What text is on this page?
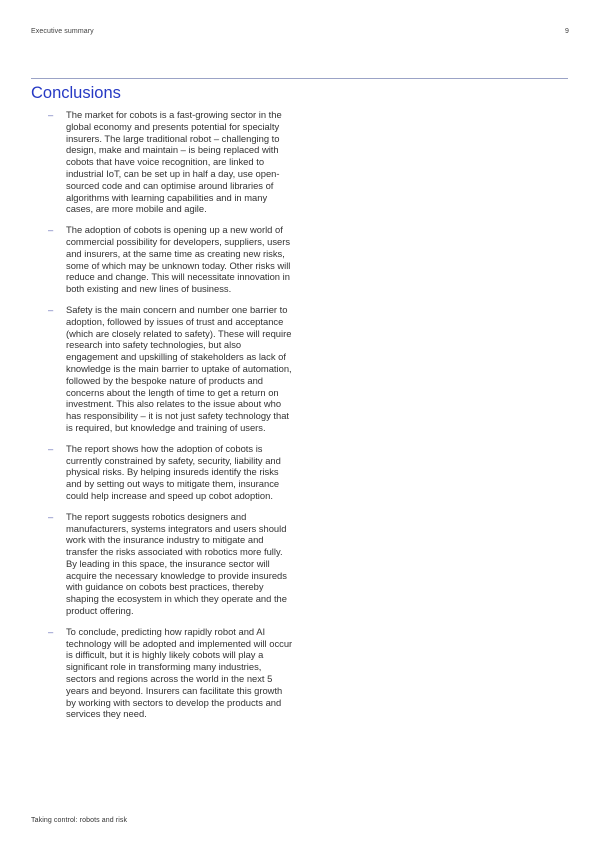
Executive summary	9
Conclusions
–	The market for cobots is a fast-growing sector in the global economy and presents potential for specialty insurers. The large traditional robot – challenging to design, make and maintain – is being replaced with cobots that have voice recognition, are linked to industrial IoT, can be set up in half a day, use open-sourced code and can optimise around libraries of algorithms with learning capabilities and in many cases, are more mobile and agile.
–	The adoption of cobots is opening up a new world of commercial possibility for developers, suppliers, users and insurers, at the same time as creating new risks, some of which may be unknown today. Other risks will reduce and change. This will necessitate innovation in both existing and new lines of business.
–	Safety is the main concern and number one barrier to adoption, followed by issues of trust and acceptance (which are closely related to safety). These will require research into safety technologies, but also engagement and upskilling of stakeholders as lack of knowledge is the main barrier to uptake of automation, followed by the bespoke nature of products and concerns about the length of time to get a return on investment. This also relates to the issue about who has responsibility – it is not just safety technology that is required, but knowledge and training of users.
–	The report shows how the adoption of cobots is currently constrained by safety, security, liability and physical risks. By helping insureds identify the risks and by setting out ways to mitigate them, insurance could help increase and speed up cobot adoption.
–	The report suggests robotics designers and manufacturers, systems integrators and users should work with the insurance industry to mitigate and transfer the risks associated with robotics more fully. By leading in this space, the insurance sector will acquire the necessary knowledge to provide insureds with guidance on cobots best practices, thereby shaping the ecosystem in which they operate and the product offering.
–	To conclude, predicting how rapidly robot and AI technology will be adopted and implemented will occur is difficult, but it is highly likely cobots will play a significant role in transforming many industries, sectors and regions across the world in the next 5 years and beyond. Insurers can facilitate this growth by working with sectors to develop the products and services they need.
Taking control: robots and risk
